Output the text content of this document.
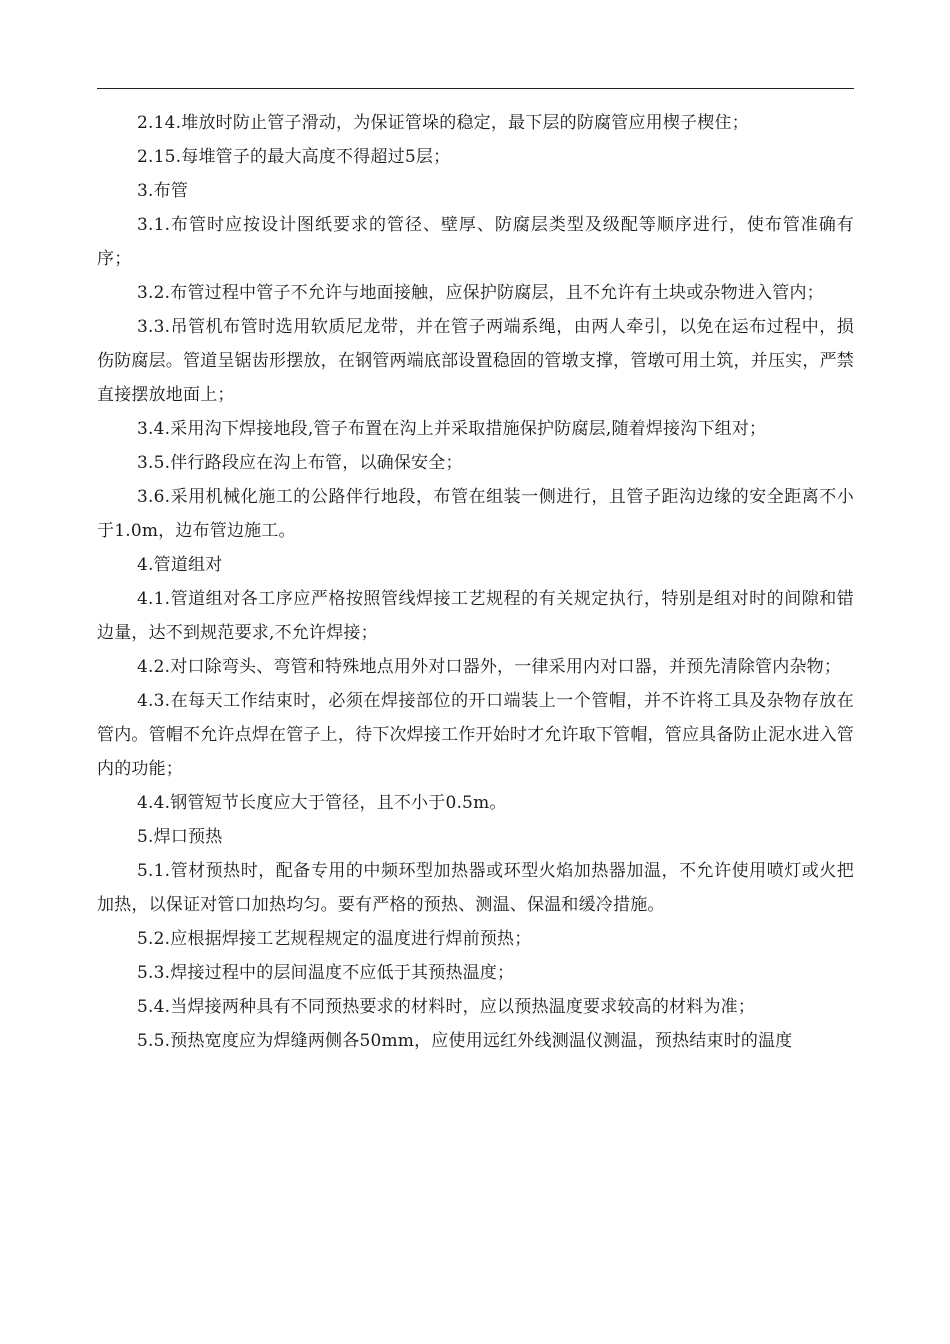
2.14.堆放时防止管子滑动，为保证管垛的稳定，最下层的防腐管应用楔子楔住；

2.15.每堆管子的最大高度不得超过5层；

3.布管

3.1.布管时应按设计图纸要求的管径、壁厚、防腐层类型及级配等顺序进行，使布管准确有序；

3.2.布管过程中管子不允许与地面接触，应保护防腐层，且不允许有土块或杂物进入管内；

3.3.吊管机布管时选用软质尼龙带，并在管子两端系绳，由两人牵引，以免在运布过程中，损伤防腐层。管道呈锯齿形摆放，在钢管两端底部设置稳固的管墩支撑，管墩可用土筑，并压实，严禁直接摆放地面上；

3.4.采用沟下焊接地段,管子布置在沟上并采取措施保护防腐层,随着焊接沟下组对；

3.5.伴行路段应在沟上布管，以确保安全；

3.6.采用机械化施工的公路伴行地段，布管在组装一侧进行，且管子距沟边缘的安全距离不小于1.0m，边布管边施工。

4.管道组对

4.1.管道组对各工序应严格按照管线焊接工艺规程的有关规定执行，特别是组对时的间隙和错边量，达不到规范要求,不允许焊接；

4.2.对口除弯头、弯管和特殊地点用外对口器外，一律采用内对口器，并预先清除管内杂物；

4.3.在每天工作结束时，必须在焊接部位的开口端装上一个管帽，并不许将工具及杂物存放在管内。管帽不允许点焊在管子上，待下次焊接工作开始时才允许取下管帽，管应具备防止泥水进入管内的功能；

4.4.钢管短节长度应大于管径，且不小于0.5m。

5.焊口预热

5.1.管材预热时，配备专用的中频环型加热器或环型火焰加热器加温，不允许使用喷灯或火把加热，以保证对管口加热均匀。要有严格的预热、测温、保温和缓冷措施。

5.2.应根据焊接工艺规程规定的温度进行焊前预热；

5.3.焊接过程中的层间温度不应低于其预热温度；

5.4.当焊接两种具有不同预热要求的材料时，应以预热温度要求较高的材料为准；

5.5.预热宽度应为焊缝两侧各50mm，应使用远红外线测温仪测温，预热结束时的温度
